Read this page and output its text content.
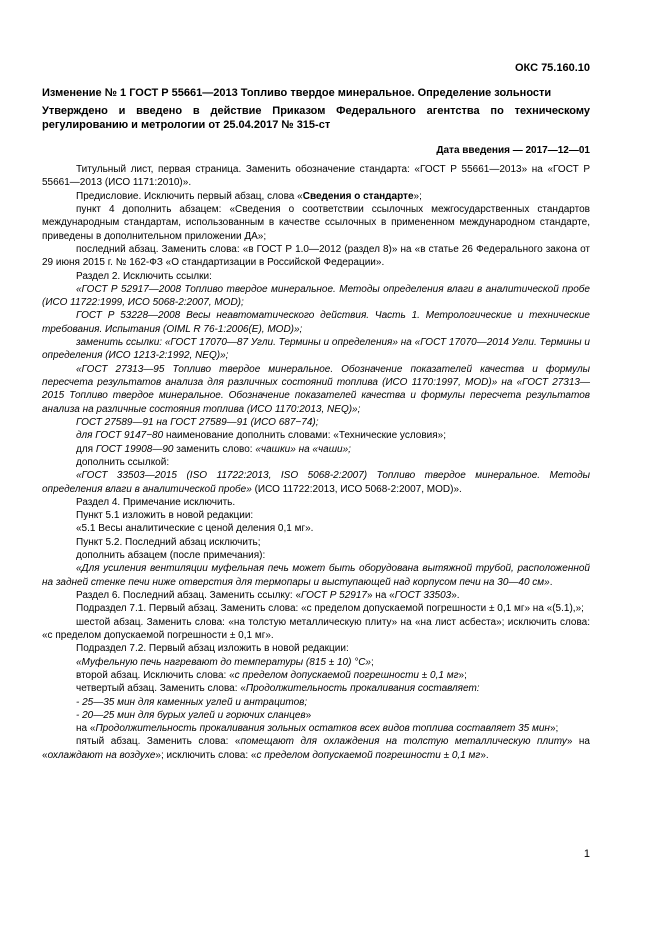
ОКС 75.160.10
Изменение № 1 ГОСТ Р 55661—2013 Топливо твердое минеральное. Определение зольности
Утверждено и введено в действие Приказом Федерального агентства по техническому регулированию и метрологии от 25.04.2017 № 315-ст
Дата введения — 2017—12—01

Титульный лист, первая страница. Заменить обозначение стандарта: «ГОСТ Р 55661—2013» на «ГОСТ Р 55661—2013 (ИСО 1171:2010)».

Предисловие. Исключить первый абзац, слова «Сведения о стандарте»;

пункт 4 дополнить абзацем: «Сведения о соответствии ссылочных межгосударственных стандартов международным стандартам, использованным в качестве ссылочных в примененном международном стандарте, приведены в дополнительном приложении ДА»;

последний абзац. Заменить слова: «в ГОСТ Р 1.0—2012 (раздел 8)» на «в статье 26 Федерального закона от 29 июня 2015 г. № 162-ФЗ «О стандартизации в Российской Федерации».

Раздел 2. Исключить ссылки:

«ГОСТ Р 52917—2008 Топливо твердое минеральное. Методы определения влаги в аналитической пробе (ИСО 11722:1999, ИСО 5068-2:2007, MOD);

ГОСТ Р 53228—2008 Весы неавтоматического действия. Часть 1. Метрологические и технические требования. Испытания (OIML R 76-1:2006(E), MOD)»;

заменить ссылки: «ГОСТ 17070—87 Угли. Термины и определения» на «ГОСТ 17070—2014 Угли. Термины и определения (ИСО 1213-2:1992, NEQ)»;

«ГОСТ 27313—95 Топливо твердое минеральное. Обозначение показателей качества и формулы пересчета результатов анализа для различных состояний топлива (ИСО 1170:1997, MOD)» на «ГОСТ 27313—2015 Топливо твердое минеральное. Обозначение показателей качества и формулы пересчета результатов анализа на различные состояния топлива (ИСО 1170:2013, NEQ)»;

ГОСТ 27589—91 на ГОСТ 27589—91 (ИСО 687−74);

для ГОСТ 9147−80 наименование дополнить словами: «Технические условия»;

для ГОСТ 19908—90 заменить слово: «чашки» на «чаши»;

дополнить ссылкой:

«ГОСТ 33503—2015 (ISO 11722:2013, ISO 5068-2:2007) Топливо твердое минеральное. Методы определения влаги в аналитической пробе» (ИСО 11722:2013, ИСО 5068-2:2007, MOD)».

Раздел 4. Примечание исключить.

Пункт 5.1 изложить в новой редакции:

«5.1 Весы аналитические с ценой деления 0,1 мг».

Пункт 5.2. Последний абзац исключить;

дополнить абзацем (после примечания):

«Для усиления вентиляции муфельная печь может быть оборудована вытяжной трубой, расположенной на задней стенке печи ниже отверстия для термопары и выступающей над корпусом печи на 30—40 см».

Раздел 6. Последний абзац. Заменить ссылку: «ГОСТ Р 52917» на «ГОСТ 33503».

Подраздел 7.1. Первый абзац. Заменить слова: «с пределом допускаемой погрешности ± 0,1 мг» на «(5.1),»;

шестой абзац. Заменить слова: «на толстую металлическую плиту» на «на лист асбеста»; исключить слова: «с пределом допускаемой погрешности ± 0,1 мг».

Подраздел 7.2. Первый абзац изложить в новой редакции:

«Муфельную печь нагревают до температуры (815 ± 10) °С»;

второй абзац. Исключить слова: «с пределом допускаемой погрешности ± 0,1 мг»;

четвертый абзац. Заменить слова: «Продолжительность прокаливания составляет:

- 25—35 мин для каменных углей и антрацитов;

- 20—25 мин для бурых углей и горючих сланцев»

на «Продолжительность прокаливания зольных остатков всех видов топлива составляет 35 мин»;

пятый абзац. Заменить слова: «помещают для охлаждения на толстую металлическую плиту» на «охлаждают на воздухе»; исключить слова: «с пределом допускаемой погрешности ± 0,1 мг».

1
